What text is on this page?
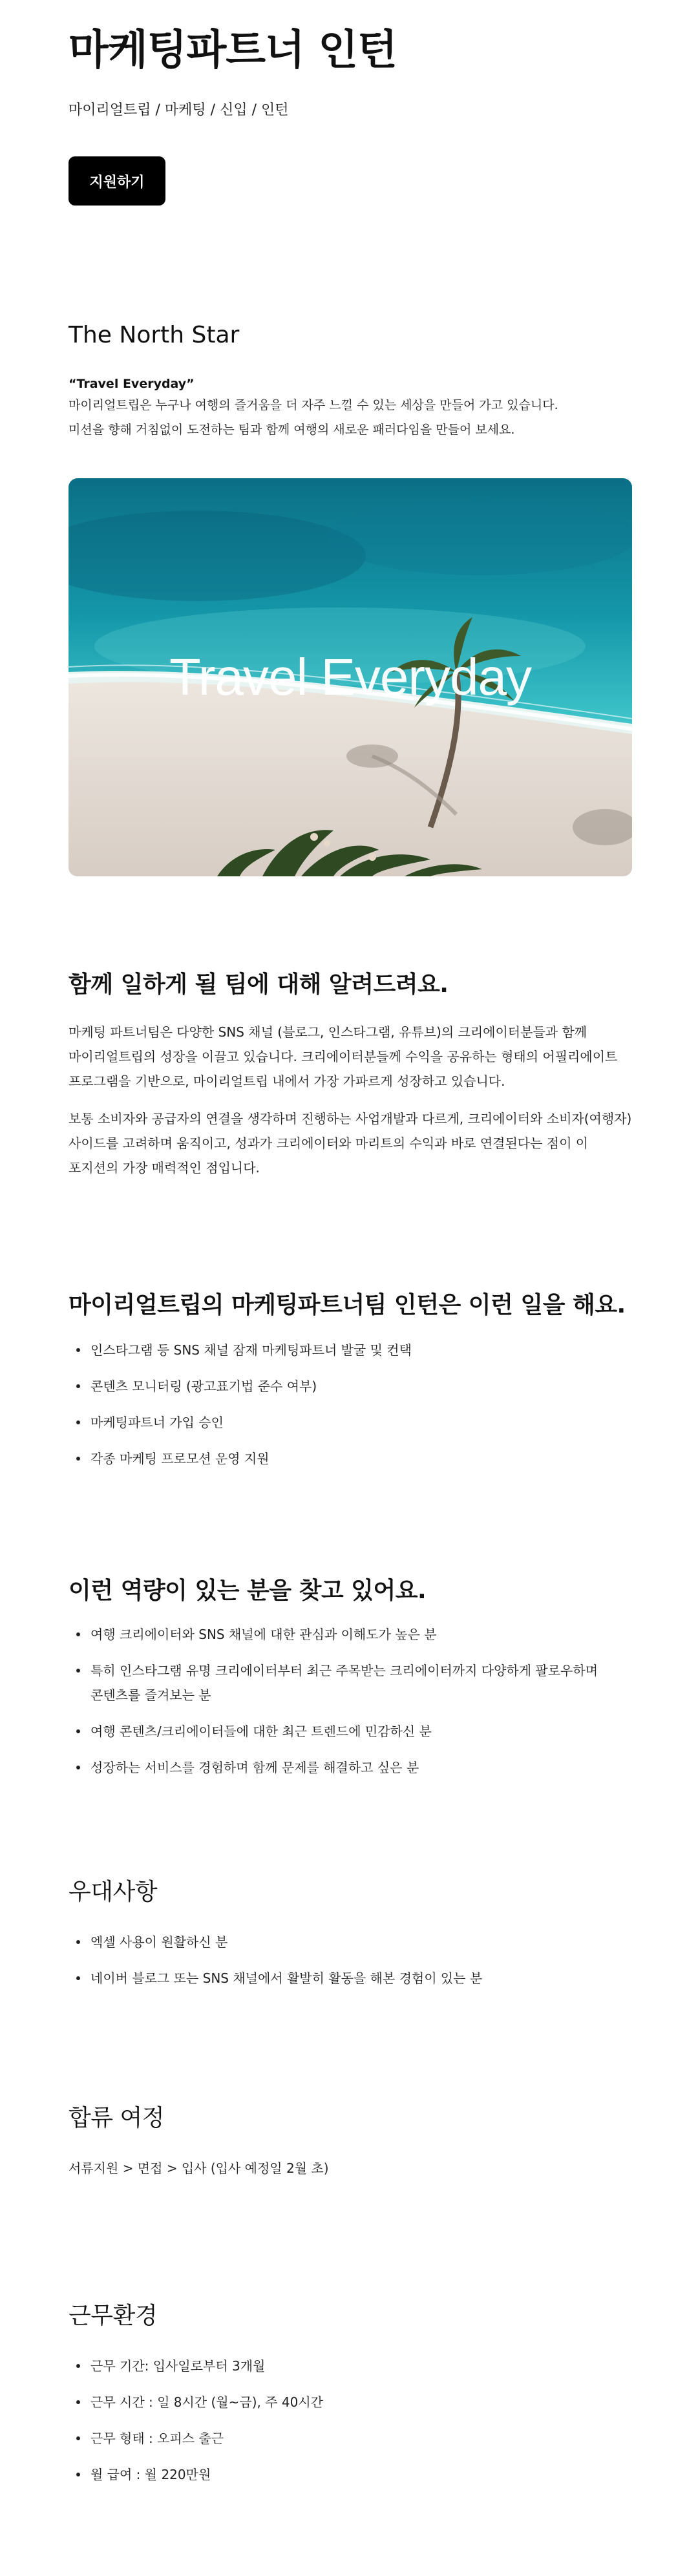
마케팅파트너 인턴
마이리얼트립 / 마케팅 / 신입 / 인턴
지원하기
The North Star
“Travel Everyday”
마이리얼트립은 누구나 여행의 즐거움을 더 자주 느낄 수 있는 세상을 만들어 가고 있습니다.
미션을 향해 거침없이 도전하는 팀과 함께 여행의 새로운 패러다임을 만들어 보세요.
Travel Everyday
함께 일하게 될 팀에 대해 알려드려요.
마케팅 파트너팀은 다양한 SNS 채널 (블로그, 인스타그램, 유튜브)의 크리에이터분들과 함께
마이리얼트립의 성장을 이끌고 있습니다. 크리에이터분들께 수익을 공유하는 형태의 어필리에이트
프로그램을 기반으로, 마이리얼트립 내에서 가장 가파르게 성장하고 있습니다.
보통 소비자와 공급자의 연결을 생각하며 진행하는 사업개발과 다르게, 크리에이터와 소비자(여행자)
사이드를 고려하며 움직이고, 성과가 크리에이터와 마리트의 수익과 바로 연결된다는 점이 이
포지션의 가장 매력적인 점입니다.
마이리얼트립의 마케팅파트너팀 인턴은 이런 일을 해요.
인스타그램 등 SNS 채널 잠재 마케팅파트너 발굴 및 컨택
콘텐츠 모니터링 (광고표기법 준수 여부)
마케팅파트너 가입 승인
각종 마케팅 프로모션 운영 지원
이런 역량이 있는 분을 찾고 있어요.
여행 크리에이터와 SNS 채널에 대한 관심과 이해도가 높은 분
특히 인스타그램 유명 크리에이터부터 최근 주목받는 크리에이터까지 다양하게 팔로우하며
콘텐츠를 즐겨보는 분
여행 콘텐츠/크리에이터들에 대한 최근 트렌드에 민감하신 분
성장하는 서비스를 경험하며 함께 문제를 해결하고 싶은 분
우대사항
엑셀 사용이 원활하신 분
네이버 블로그 또는 SNS 채널에서 활발히 활동을 해본 경험이 있는 분
합류 여정
서류지원 > 면접 > 입사 (입사 예정일 2월 초)
근무환경
근무 기간: 입사일로부터 3개월
근무 시간 : 일 8시간 (월~금), 주 40시간
근무 형태 : 오피스 출근
월 급여 : 월 220만원
